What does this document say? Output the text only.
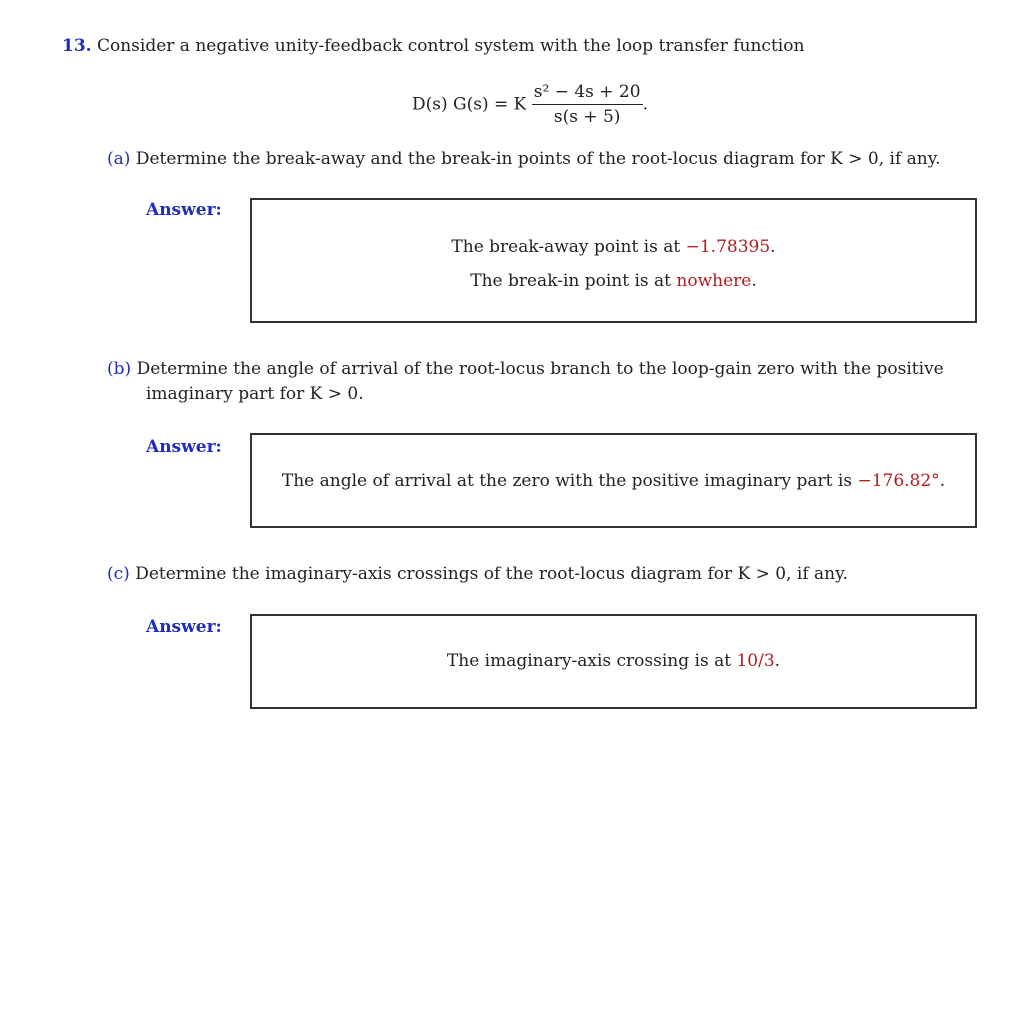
13. Consider a negative unity-feedback control system with the loop transfer function
D(s) G(s) = K $\frac{\text{s² − 4s + 20}}{s(s + 5)}$ .
(a) Determine the break-away and the break-in points of the root-locus diagram for K > 0, if any.
Answer:
The break-away point is at −1.78395.
The break-in point is at nowhere.
(b) Determine the angle of arrival of the root-locus branch to the loop-gain zero with the positive
imaginary part for K > 0.
Answer:
The angle of arrival at the zero with the positive imaginary part is −176.82°.
(c) Determine the imaginary-axis crossings of the root-locus diagram for K > 0, if any.
Answer:
The imaginary-axis crossing is at 10/3.
